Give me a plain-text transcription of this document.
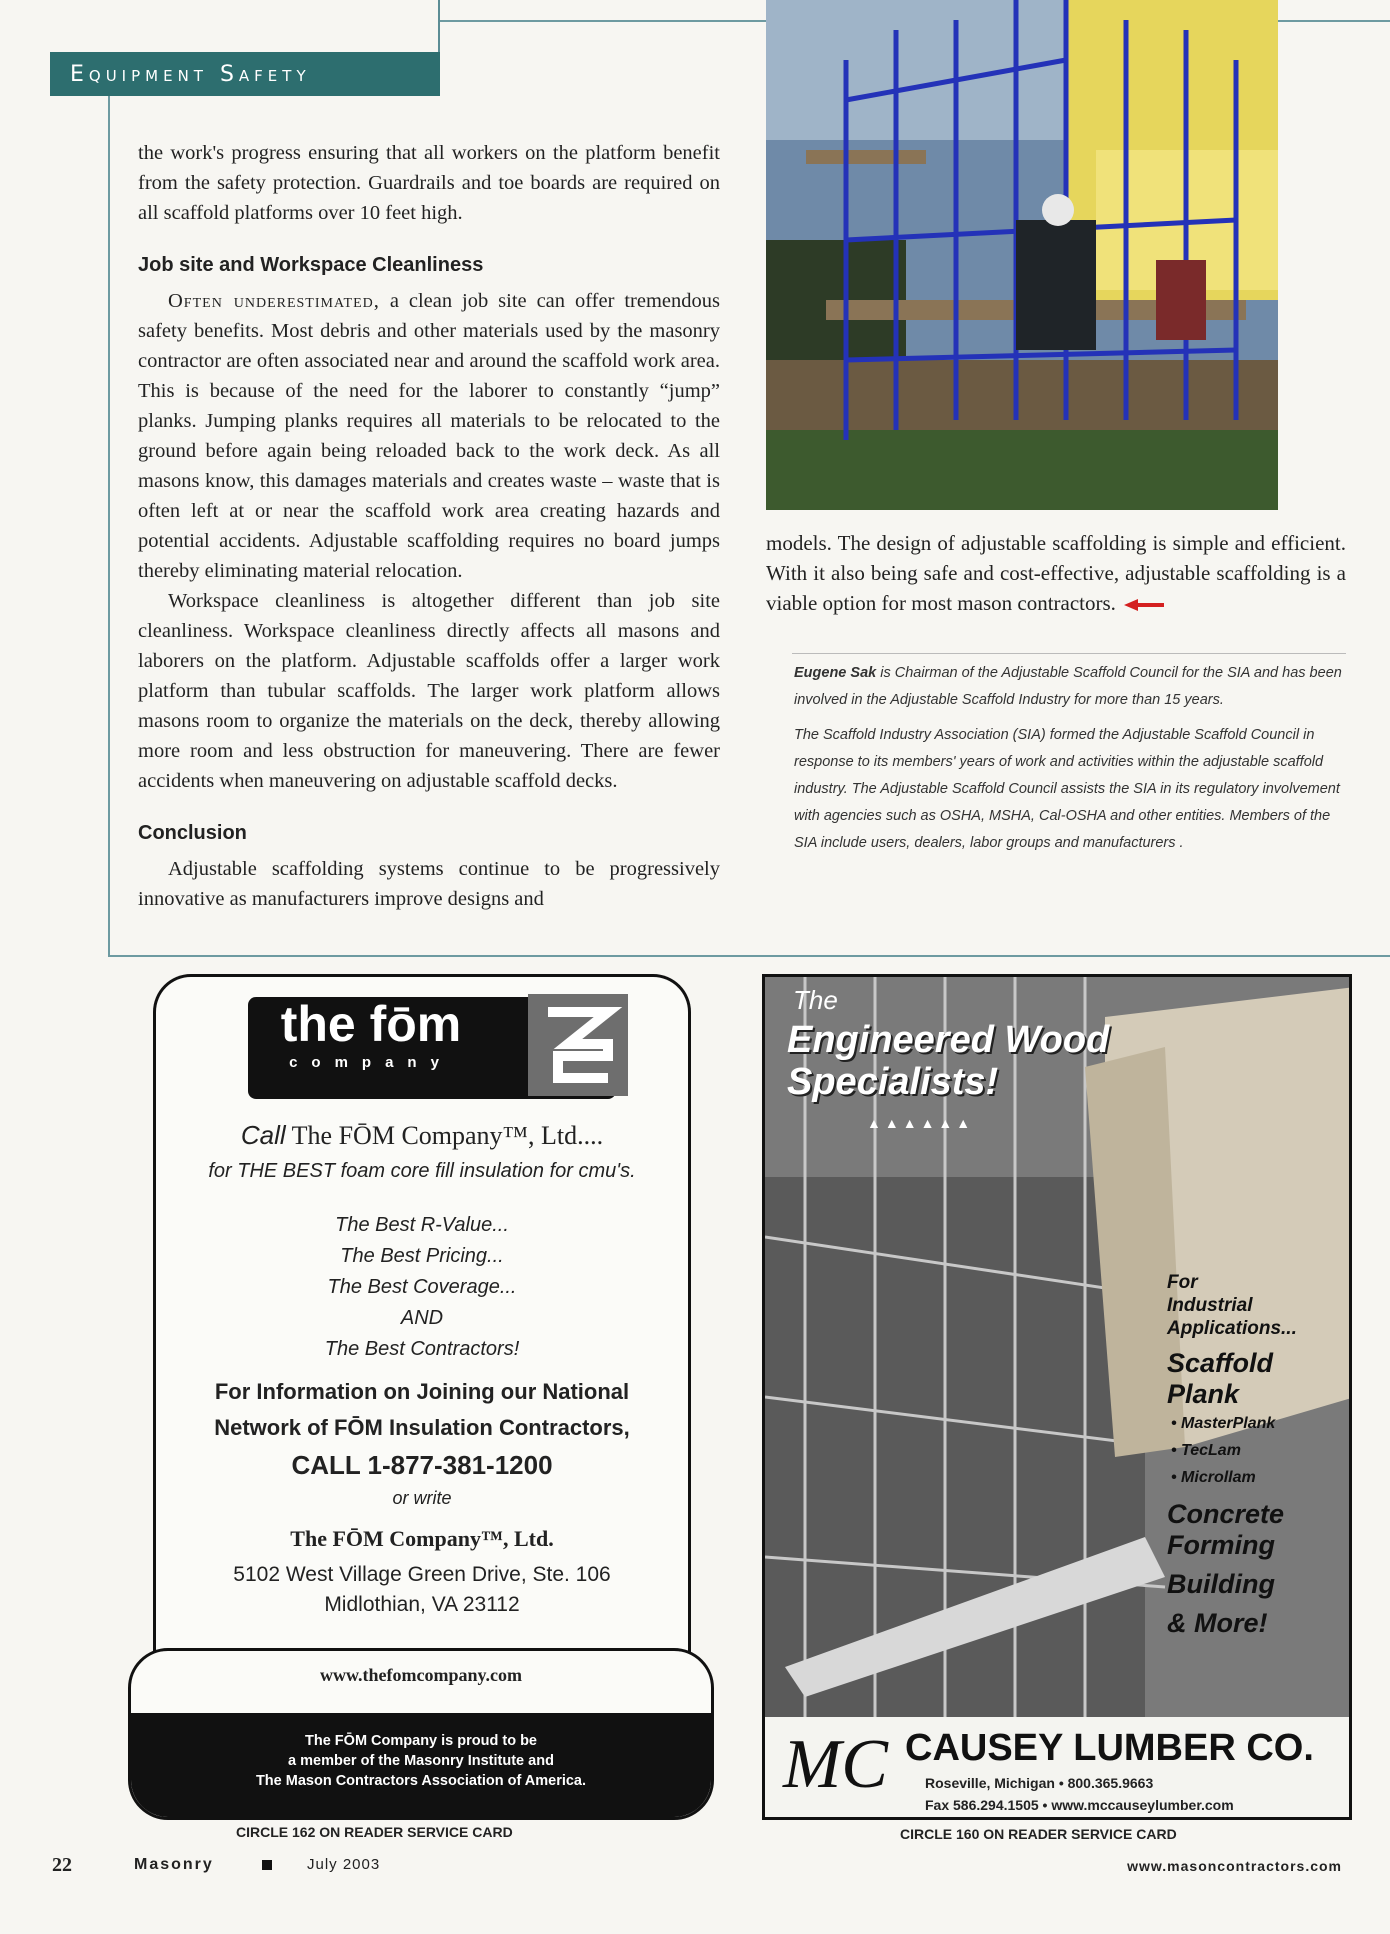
Equipment Safety

the work's progress ensuring that all workers on the platform benefit from the safety protection. Guardrails and toe boards are required on all scaffold platforms over 10 feet high.

Job site and Workspace Cleanliness

Often underestimated, a clean job site can offer tremendous safety benefits. Most debris and other materials used by the masonry contractor are often associated near and around the scaffold work area. This is because of the need for the laborer to constantly “jump” planks. Jumping planks requires all materials to be relocated to the ground before again being reloaded back to the work deck. As all masons know, this damages materials and creates waste – waste that is often left at or near the scaffold work area creating hazards and potential accidents. Adjustable scaffolding requires no board jumps thereby eliminating material relocation.

Workspace cleanliness is altogether different than job site cleanliness. Workspace cleanliness directly affects all masons and laborers on the platform. Adjustable scaffolds offer a larger work platform than tubular scaffolds. The larger work platform allows masons room to organize the materials on the deck, thereby allowing more room and less obstruction for maneuvering. There are fewer accidents when maneuvering on adjustable scaffold decks.

Conclusion

Adjustable scaffolding systems continue to be progressively innovative as manufacturers improve designs and

models. The design of adjustable scaffolding is simple and efficient. With it also being safe and cost-effective, adjustable scaffolding is a viable option for most mason contractors.

Eugene Sak is Chairman of the Adjustable Scaffold Council for the SIA and has been involved in the Adjustable Scaffold Industry for more than 15 years.

The Scaffold Industry Association (SIA) formed the Adjustable Scaffold Council in response to its members' years of work and activities within the adjustable scaffold industry. The Adjustable Scaffold Council assists the SIA in its regulatory involvement with agencies such as OSHA, MSHA, Cal-OSHA and other entities. Members of the SIA include users, dealers, labor groups and manufacturers .

the fōm
company
Call The FŌM Company™, Ltd....
for THE BEST foam core fill insulation for cmu's.
The Best R-Value...
The Best Pricing...
The Best Coverage...
AND
The Best Contractors!
For Information on Joining our National
Network of FŌM Insulation Contractors,
CALL 1-877-381-1200
or write
The FŌM Company™, Ltd.
5102 West Village Green Drive, Ste. 106
Midlothian, VA 23112
www.thefomcompany.com
The FŌM Company is proud to be
a member of the Masonry Institute and
The Mason Contractors Association of America.
CIRCLE 162 ON READER SERVICE CARD
The
Engineered Wood
Specialists!
▲▲▲▲▲▲
For
Industrial
Applications...
Scaffold
Plank
• MasterPlank
• TecLam
• Microllam
Concrete
Forming
Building
& More!
MC CAUSEY LUMBER CO.
Roseville, Michigan • 800.365.9663
Fax 586.294.1505 • www.mccauseylumber.com
CIRCLE 160 ON READER SERVICE CARD
22	Masonry	July 2003	www.masoncontractors.com
